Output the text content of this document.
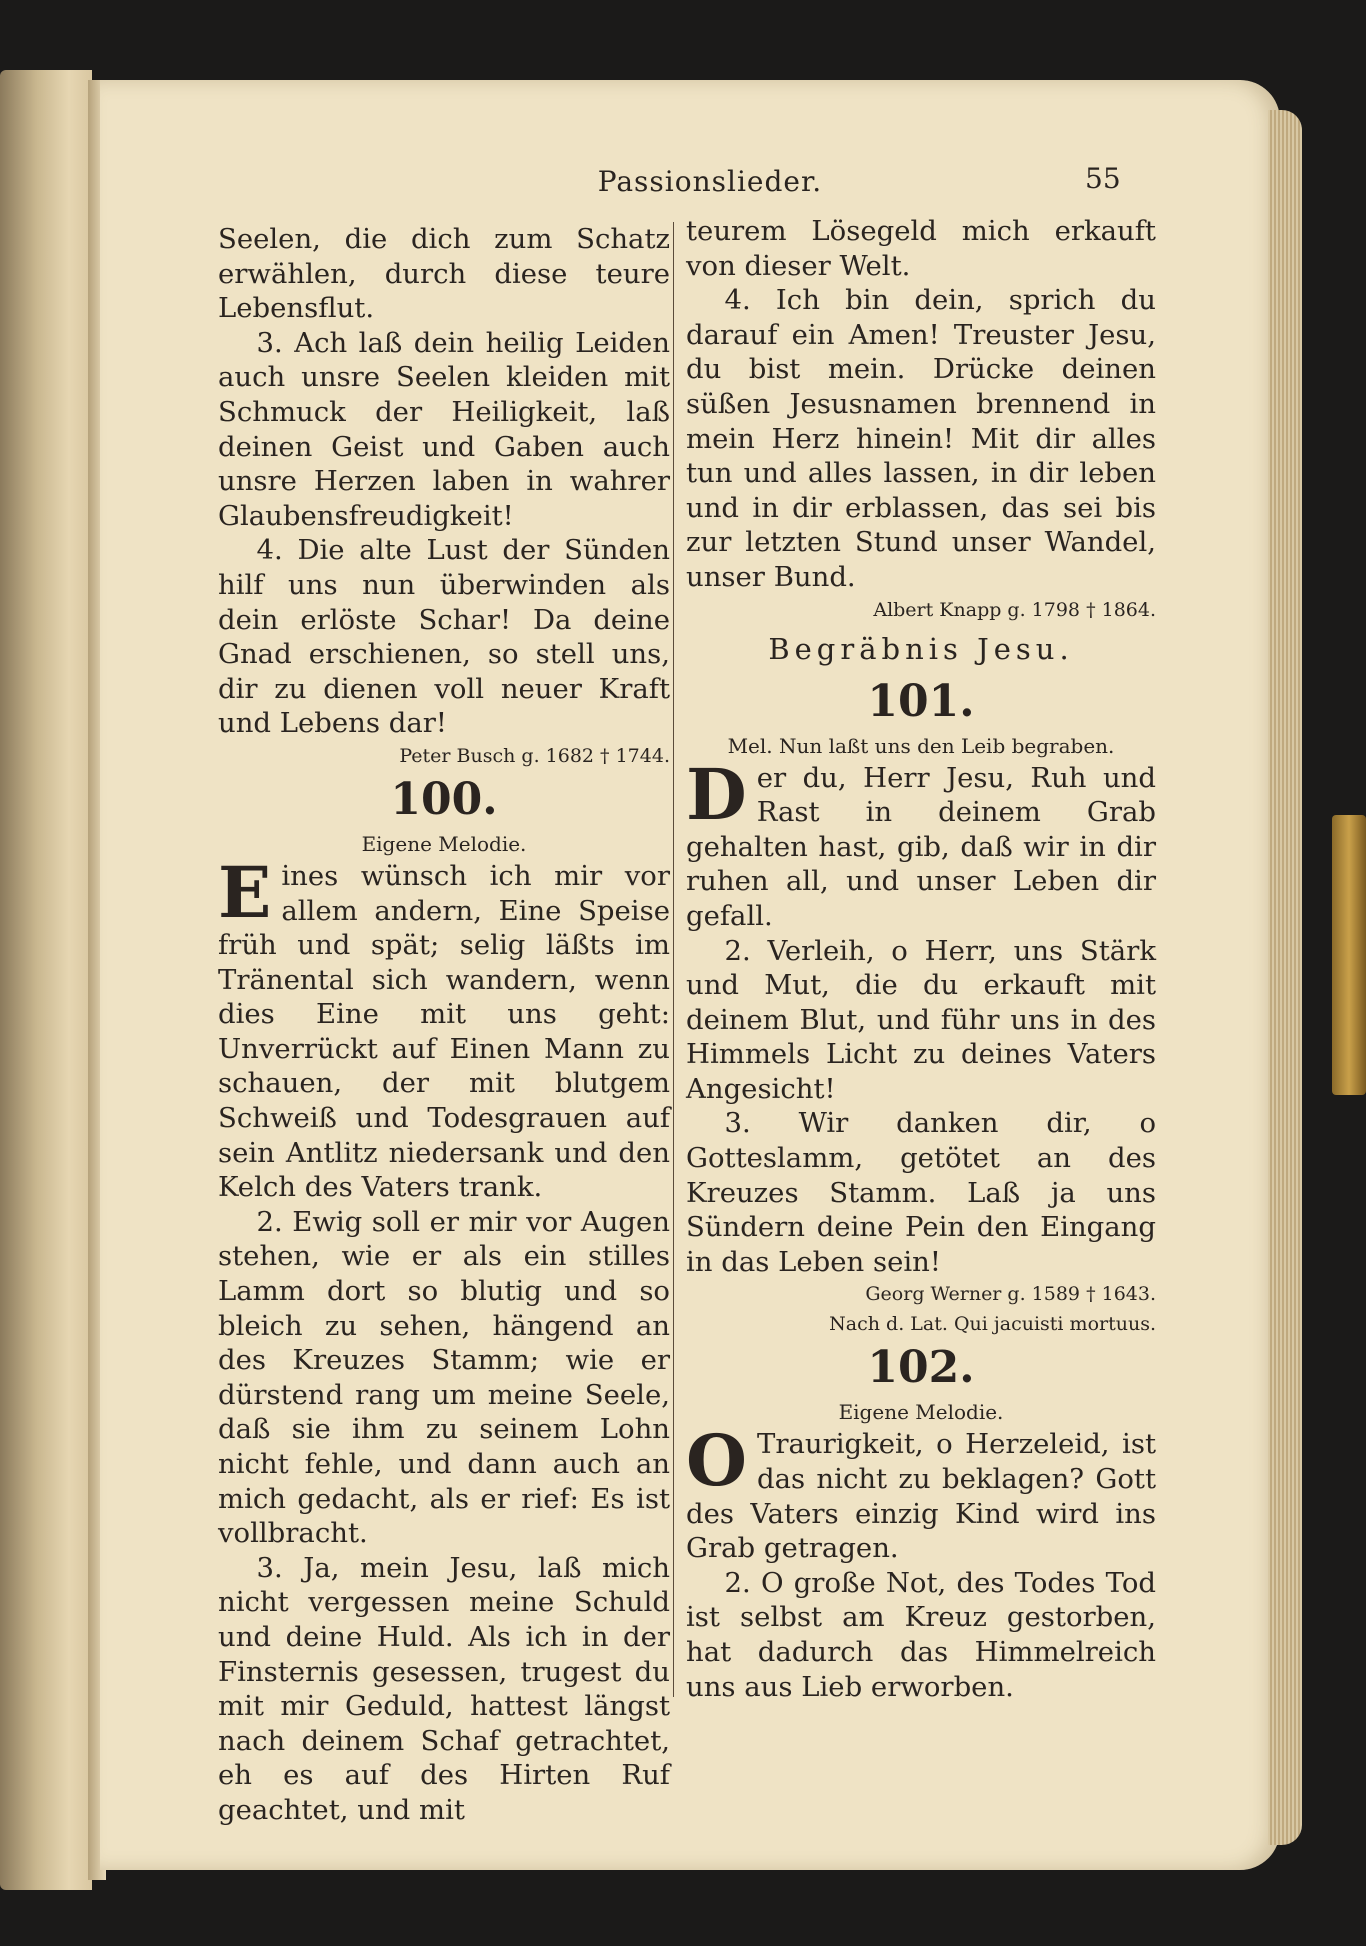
Passionslieder.	55

Seelen, die dich zum Schatz erwählen, durch diese teure Lebensflut.

3. Ach laß dein heilig Leiden auch unsre Seelen kleiden mit Schmuck der Heiligkeit, laß deinen Geist und Gaben auch unsre Herzen laben in wahrer Glaubensfreudigkeit!

4. Die alte Lust der Sünden hilf uns nun überwinden als dein erlöste Schar! Da deine Gnad erschienen, so stell uns, dir zu dienen voll neuer Kraft und Lebens dar!

Peter Busch g. 1682 † 1744.

100.

Eigene Melodie.

Eines wünsch ich mir vor allem andern, Eine Speise früh und spät; selig läßts im Tränental sich wandern, wenn dies Eine mit uns geht: Unverrückt auf Einen Mann zu schauen, der mit blutgem Schweiß und Todesgrauen auf sein Antlitz niedersank und den Kelch des Vaters trank.

2. Ewig soll er mir vor Augen stehen, wie er als ein stilles Lamm dort so blutig und so bleich zu sehen, hängend an des Kreuzes Stamm; wie er dürstend rang um meine Seele, daß sie ihm zu seinem Lohn nicht fehle, und dann auch an mich gedacht, als er rief: Es ist vollbracht.

3. Ja, mein Jesu, laß mich nicht vergessen meine Schuld und deine Huld. Als ich in der Finsternis gesessen, trugest du mit mir Geduld, hattest längst nach deinem Schaf getrachtet, eh es auf des Hirten Ruf geachtet, und mit

teurem Lösegeld mich erkauft von dieser Welt.

4. Ich bin dein, sprich du darauf ein Amen! Treuster Jesu, du bist mein. Drücke deinen süßen Jesusnamen brennend in mein Herz hinein! Mit dir alles tun und alles lassen, in dir leben und in dir erblassen, das sei bis zur letzten Stund unser Wandel, unser Bund.

Albert Knapp g. 1798 † 1864.

Begräbnis Jesu.

101.

Mel. Nun laßt uns den Leib begraben.

Der du, Herr Jesu, Ruh und Rast in deinem Grab gehalten hast, gib, daß wir in dir ruhen all, und unser Leben dir gefall.

2. Verleih, o Herr, uns Stärk und Mut, die du erkauft mit deinem Blut, und führ uns in des Himmels Licht zu deines Vaters Angesicht!

3. Wir danken dir, o Gotteslamm, getötet an des Kreuzes Stamm. Laß ja uns Sündern deine Pein den Eingang in das Leben sein!

Georg Werner g. 1589 † 1643.

Nach d. Lat. Qui jacuisti mortuus.

102.

Eigene Melodie.

OTraurigkeit, o Herzeleid, ist das nicht zu beklagen? Gott des Vaters einzig Kind wird ins Grab getragen.

2. O große Not, des Todes Tod ist selbst am Kreuz gestorben, hat dadurch das Himmelreich uns aus Lieb erworben.
